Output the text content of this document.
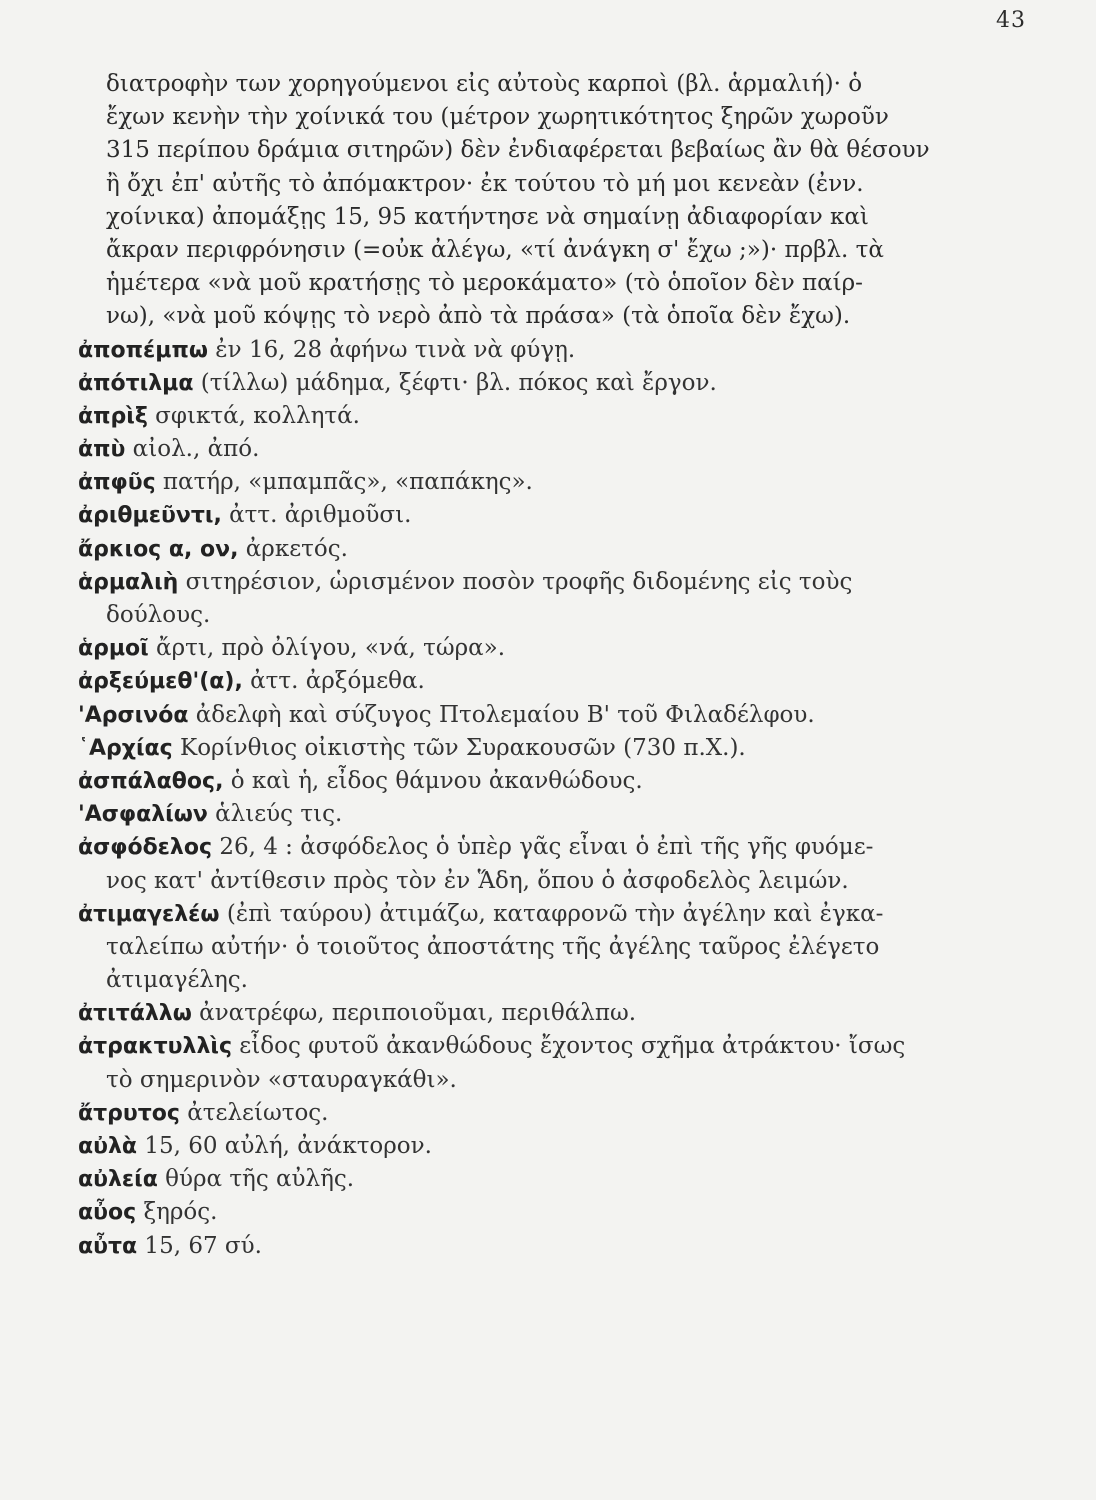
43
διατροφὴν των χορηγούμενοι εἰς αὐτοὺς καρποὶ (βλ. ἁρμαλιή)· ὁ
ἔχων κενὴν τὴν χοίνικά του (μέτρον χωρητικότητος ξηρῶν χωροῦν
315 περίπου δράμια σιτηρῶν) δὲν ἐνδιαφέρεται βεβαίως ἂν θὰ θέσουν
ἢ ὄχι ἐπ' αὐτῆς τὸ ἀπόμακτρον· ἐκ τούτου τὸ μή μοι κενεὰν (ἐνν.
χοίνικα) ἀπομάξῃς 15, 95 κατήντησε νὰ σημαίνῃ ἀδιαφορίαν καὶ
ἄκραν περιφρόνησιν (=οὐκ ἀλέγω, «τί ἀνάγκη σ' ἔχω ;»)· πρβλ. τὰ
ἡμέτερα «νὰ μοῦ κρατήσῃς τὸ μεροκάματο» (τὸ ὁποῖον δὲν παίρ-
νω), «νὰ μοῦ κόψῃς τὸ νερὸ ἀπὸ τὰ πράσα» (τὰ ὁποῖα δὲν ἔχω).
ἀποπέμπω ἐν 16, 28 ἀφήνω τινὰ νὰ φύγῃ.
ἀπότιλμα (τίλλω) μάδημα, ξέφτι· βλ. πόκος καὶ ἔργον.
ἀπρὶξ σφικτά, κολλητά.
ἀπὺ αἰολ., ἀπό.
ἀπφῦς πατήρ, «μπαμπᾶς», «παπάκης».
ἀριθμεῦντι, ἀττ. ἀριθμοῦσι.
ἄρκιος α, ον, ἀρκετός.
ἁρμαλιὴ σιτηρέσιον, ὡρισμένον ποσὸν τροφῆς διδομένης εἰς τοὺς
δούλους.
ἁρμοῖ ἄρτι, πρὸ ὀλίγου, «νά, τώρα».
ἀρξεύμεθ'(α), ἀττ. ἀρξόμεθα.
'Αρσινόα ἀδελφὴ καὶ σύζυγος Πτολεμαίου Β' τοῦ Φιλαδέλφου.
῾Αρχίας Κορίνθιος οἰκιστὴς τῶν Συρακουσῶν (730 π.Χ.).
ἀσπάλαθος, ὁ καὶ ἡ, εἶδος θάμνου ἀκανθώδους.
'Ασφαλίων ἁλιεύς τις.
ἀσφόδελος 26, 4 : ἀσφόδελος ὁ ὑπὲρ γᾶς εἶναι ὁ ἐπὶ τῆς γῆς φυόμε-
νος κατ' ἀντίθεσιν πρὸς τὸν ἐν Ἅδη, ὅπου ὁ ἀσφοδελὸς λειμών.
ἀτιμαγελέω (ἐπὶ ταύρου) ἀτιμάζω, καταφρονῶ τὴν ἀγέλην καὶ ἐγκα-
ταλείπω αὐτήν· ὁ τοιοῦτος ἀποστάτης τῆς ἀγέλης ταῦρος ἐλέγετο
ἀτιμαγέλης.
ἀτιτάλλω ἀνατρέφω, περιποιοῦμαι, περιθάλπω.
ἀτρακτυλλὶς εἶδος φυτοῦ ἀκανθώδους ἔχοντος σχῆμα ἀτράκτου· ἴσως
τὸ σημερινὸν «σταυραγκάθι».
ἄτρυτος ἀτελείωτος.
αὐλὰ 15, 60 αὐλή, ἀνάκτορον.
αὐλεία θύρα τῆς αὐλῆς.
αὖος ξηρός.
αὖτα 15, 67 σύ.
